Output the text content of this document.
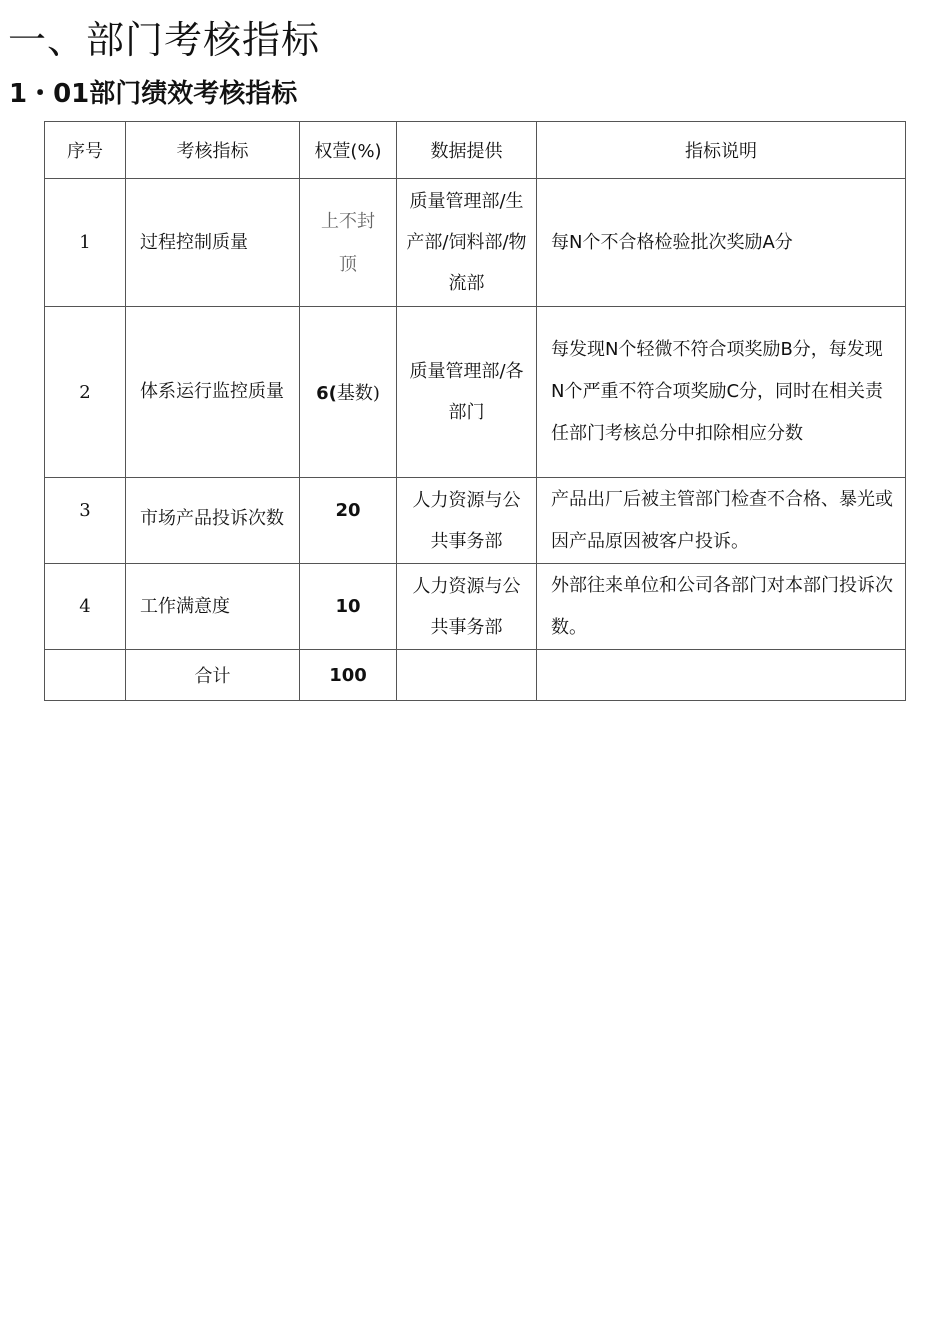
一、部门考核指标
1・01部门绩效考核指标
序号	考核指标	权萱(%)	数据提供	指标说明
1	过程控制质量	上不封顶	质量管理部/生产部/饲料部/物流部	每N个不合格检验批次奖励A分
2	体系运行监控质量	6(基数)	质量管理部/各部门	每发现N个轻微不符合项奖励B分，每发现N个严重不符合项奖励C分，同时在相关责任部门考核总分中扣除相应分数
3	市场产品投诉次数	20	人力资源与公共事务部	产品出厂后被主管部门检查不合格、暴光或因产品原因被客户投诉。
4	工作满意度	10	人力资源与公共事务部	外部往来单位和公司各部门对本部门投诉次数。
	合计	100		
